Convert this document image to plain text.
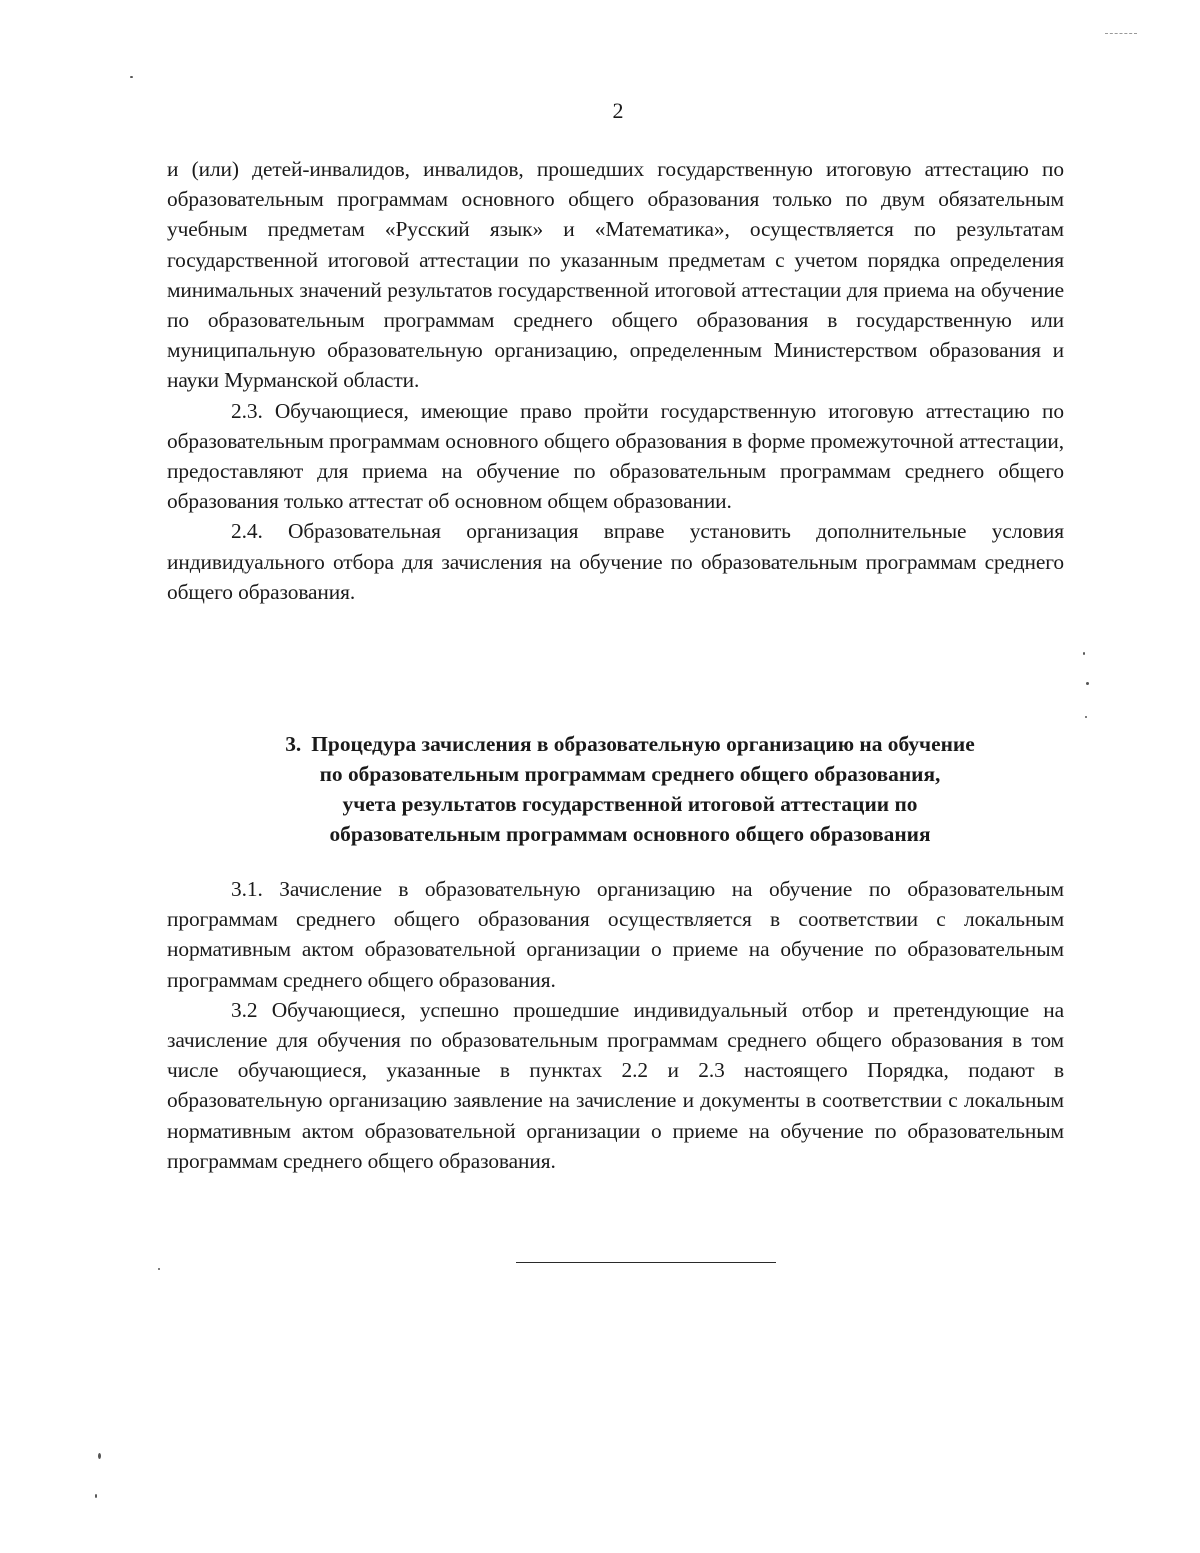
2

и (или) детей-инвалидов, инвалидов, прошедших государственную итоговую аттестацию по образовательным программам основного общего образования только по двум обязательным учебным предметам «Русский язык» и «Математика», осуществляется по результатам государственной итоговой аттестации по указанным предметам с учетом порядка определения минимальных значений результатов государственной итоговой аттестации для приема на обучение по образовательным программам среднего общего образования в государственную или муниципальную образовательную организацию, определенным Министерством образования и науки Мурманской области.

2.3. Обучающиеся, имеющие право пройти государственную итоговую аттестацию по образовательным программам основного общего образования в форме промежуточной аттестации, предоставляют для приема на обучение по образовательным программам среднего общего образования только аттестат об основном общем образовании.

2.4. Образовательная организация вправе установить дополнительные условия индивидуального отбора для зачисления на обучение по образовательным программам среднего общего образования.

3. Процедура зачисления в образовательную организацию на обучение
по образовательным программам среднего общего образования,
учета результатов государственной итоговой аттестации по
образовательным программам основного общего образования

3.1. Зачисление в образовательную организацию на обучение по образовательным программам среднего общего образования осуществляется в соответствии с локальным нормативным актом образовательной организации о приеме на обучение по образовательным программам среднего общего образования.

3.2 Обучающиеся, успешно прошедшие индивидуальный отбор и претендующие на зачисление для обучения по образовательным программам среднего общего образования в том числе обучающиеся, указанные в пунктах 2.2 и 2.3 настоящего Порядка, подают в образовательную организацию заявление на зачисление и документы в соответствии с локальным нормативным актом образовательной организации о приеме на обучение по образовательным программам среднего общего образования.
